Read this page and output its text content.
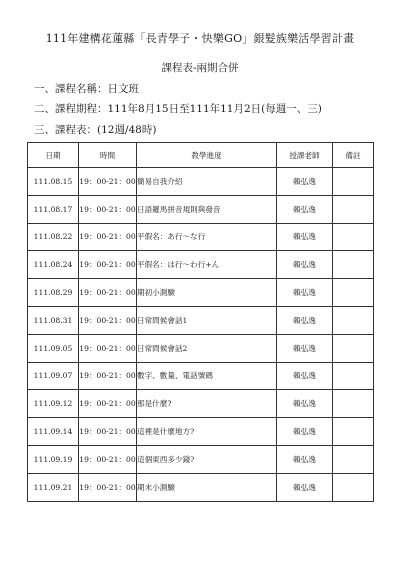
111年建構花蓮縣「長青學子・快樂GO」銀髮族樂活學習計畫
課程表-兩期合併
一、課程名稱：日文班
二、課程期程：111年8月15日至111年11月2日(每週一、三)
三、課程表：(12週/48時)
日期	時間	教學進度	授課老師	備註
111.08.15	19：00-21：00	簡易自我介紹	賴弘逸	
111.08.17	19：00-21：00	日語羅馬拼音規則與發音	賴弘逸	
111.08.22	19：00-21：00	平假名：あ行～な行	賴弘逸	
111.08.24	19：00-21：00	平假名：は行～わ行+ん	賴弘逸	
111.08.29	19：00-21：00	期初小測驗	賴弘逸	
111.08.31	19：00-21：00	日常問候會話1	賴弘逸	
111.09.05	19：00-21：00	日常問候會話2	賴弘逸	
111.09.07	19：00-21：00	數字、數量、電話號碼	賴弘逸	
111.09.12	19：00-21：00	那是什麼?	賴弘逸	
111.09.14	19：00-21：00	這裡是什麼地方?	賴弘逸	
111.09.19	19：00-21：00	這個東西多少錢?	賴弘逸	
111.09.21	19：00-21：00	期末小測驗	賴弘逸	
